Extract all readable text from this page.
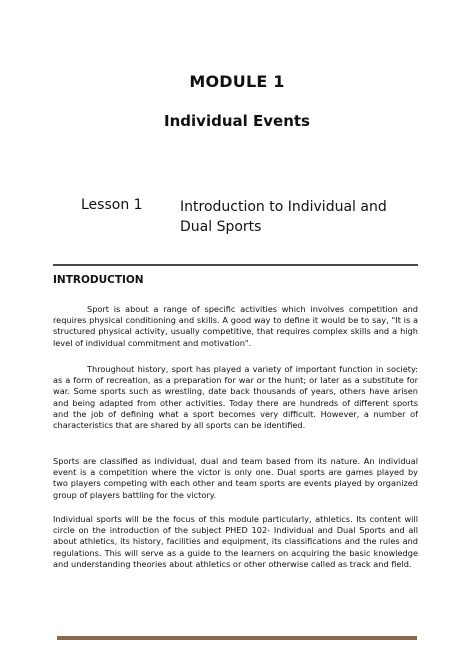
MODULE 1
Individual Events
Lesson 1	Introduction to Individual and Dual Sports
INTRODUCTION

Sport is about a range of specific activities which involves competition and requires physical conditioning and skills. A good way to define it would be to say, "It is a structured physical activity, usually competitive, that requires complex skills and a high level of individual commitment and motivation".

Throughout history, sport has played a variety of important function in society: as a form of recreation, as a preparation for war or the hunt; or later as a substitute for war. Some sports such as wrestling, date back thousands of years, others have arisen and being adapted from other activities. Today there are hundreds of different sports and the job of defining what a sport becomes very difficult. However, a number of characteristics that are shared by all sports can be identified.

Sports are classified as individual, dual and team based from its nature. An individual event is a competition where the victor is only one. Dual sports are games played by two players competing with each other and team sports are events played by organized group of players battling for the victory.

Individual sports will be the focus of this module particularly, athletics. Its content will circle on the introduction of the subject PHED 102- Individual and Dual Sports and all about athletics, its history, facilities and equipment, its classifications and the rules and regulations. This will serve as a guide to the learners on acquiring the basic knowledge and understanding theories about athletics or other otherwise called as track and field.
